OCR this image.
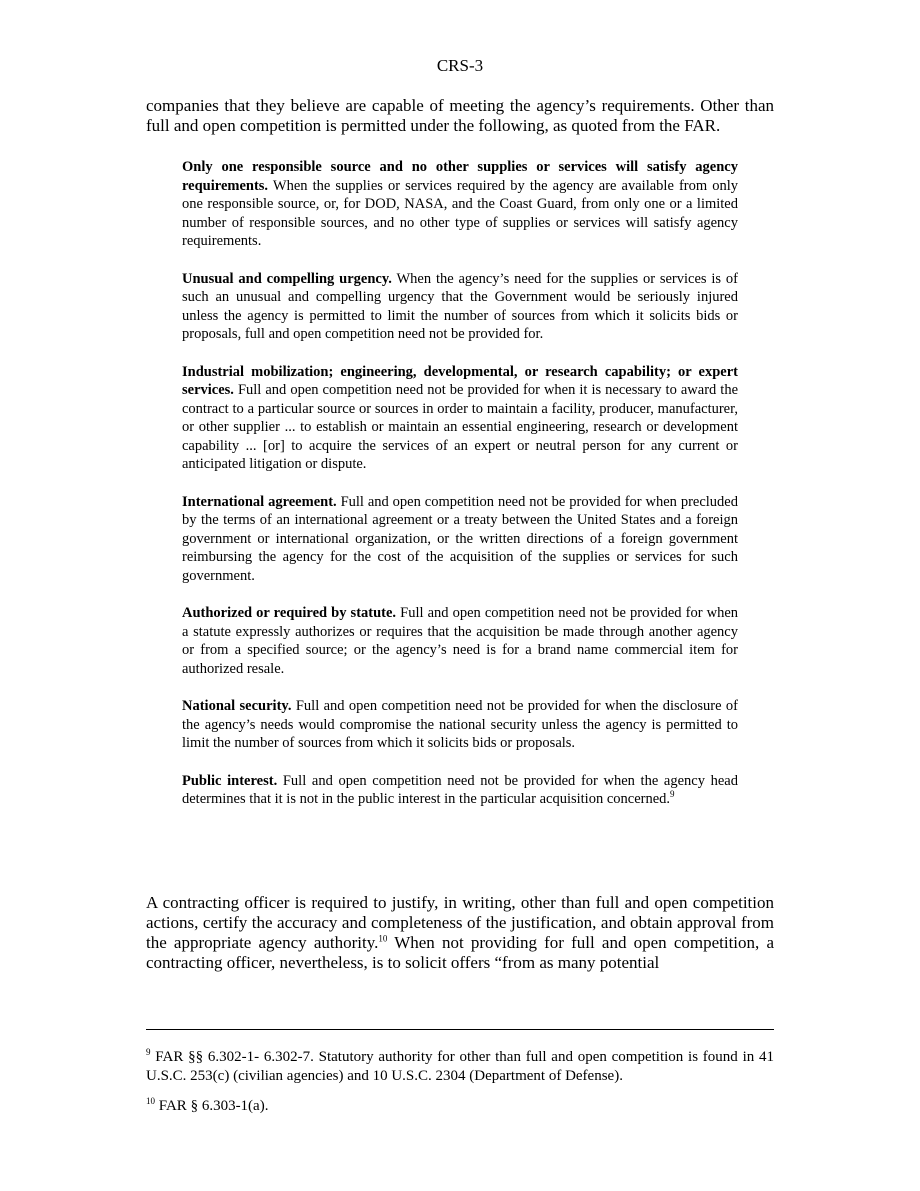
CRS-3

companies that they believe are capable of meeting the agency’s requirements. Other than full and open competition is permitted under the following, as quoted from the FAR.

Only one responsible source and no other supplies or services will satisfy agency requirements. When the supplies or services required by the agency are available from only one responsible source, or, for DOD, NASA, and the Coast Guard, from only one or a limited number of responsible sources, and no other type of supplies or services will satisfy agency requirements.

Unusual and compelling urgency. When the agency’s need for the supplies or services is of such an unusual and compelling urgency that the Government would be seriously injured unless the agency is permitted to limit the number of sources from which it solicits bids or proposals, full and open competition need not be provided for.

Industrial mobilization; engineering, developmental, or research capability; or expert services. Full and open competition need not be provided for when it is necessary to award the contract to a particular source or sources in order to maintain a facility, producer, manufacturer, or other supplier ... to establish or maintain an essential engineering, research or development capability ... [or] to acquire the services of an expert or neutral person for any current or anticipated litigation or dispute.

International agreement. Full and open competition need not be provided for when precluded by the terms of an international agreement or a treaty between the United States and a foreign government or international organization, or the written directions of a foreign government reimbursing the agency for the cost of the acquisition of the supplies or services for such government.

Authorized or required by statute. Full and open competition need not be provided for when a statute expressly authorizes or requires that the acquisition be made through another agency or from a specified source; or the agency’s need is for a brand name commercial item for authorized resale.

National security. Full and open competition need not be provided for when the disclosure of the agency’s needs would compromise the national security unless the agency is permitted to limit the number of sources from which it solicits bids or proposals.

Public interest. Full and open competition need not be provided for when the agency head determines that it is not in the public interest in the particular acquisition concerned.$^9$

A contracting officer is required to justify, in writing, other than full and open competition actions, certify the accuracy and completeness of the justification, and obtain approval from the appropriate agency authority.$^{10}$ When not providing for full and open competition, a contracting officer, nevertheless, is to solicit offers “from as many potential

$^9$ FAR §§ 6.302-1- 6.302-7. Statutory authority for other than full and open competition is found in 41 U.S.C. 253(c) (civilian agencies) and 10 U.S.C. 2304 (Department of Defense).

$^{10}$ FAR § 6.303-1(a).
